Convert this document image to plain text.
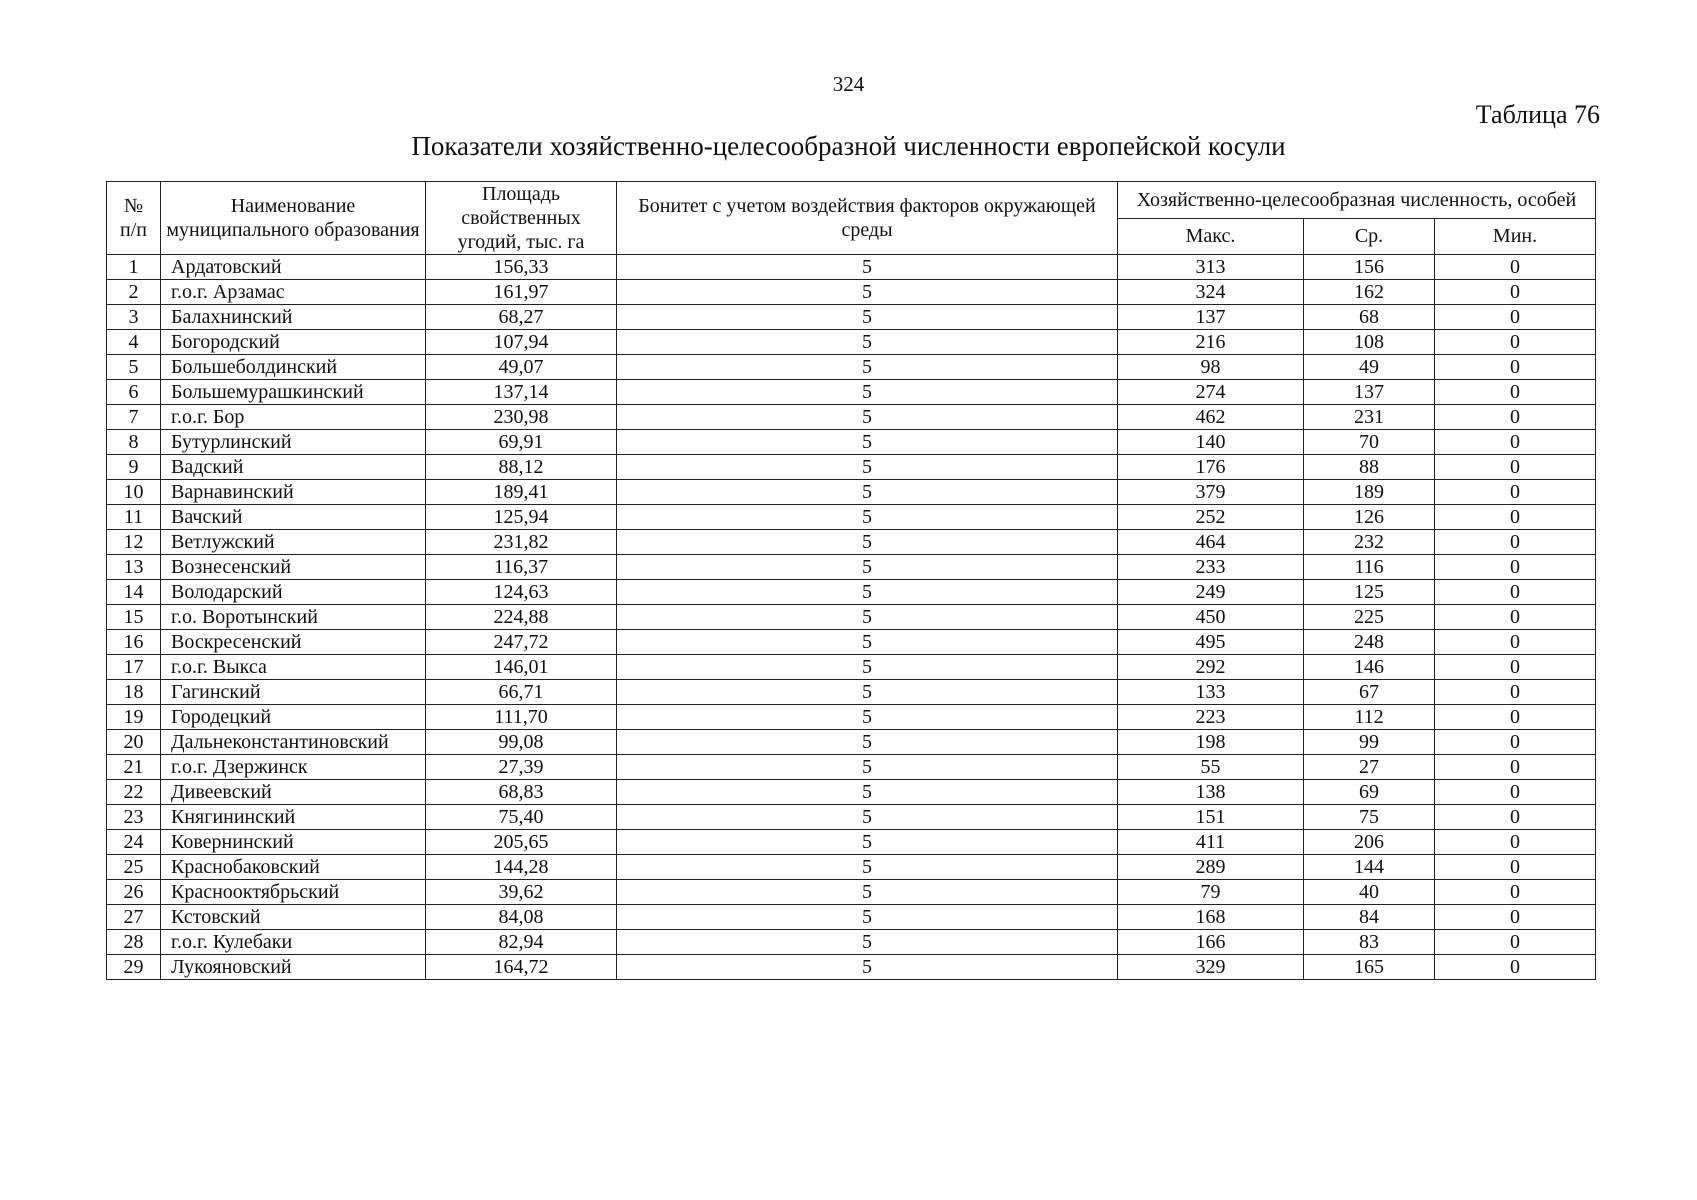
324
Таблица 76
Показатели хозяйственно-целесообразной численности европейской косули
№
п/п	Наименование муниципального образования	Площадь свойственных угодий, тыс. га	Бонитет с учетом воздействия факторов окружающей среды	Хозяйственно-целесообразная численность, особей		
				Макс.	Ср.	Мин.
1	Ардатовский	156,33	5	313	156	0
2	г.о.г. Арзамас	161,97	5	324	162	0
3	Балахнинский	68,27	5	137	68	0
4	Богородский	107,94	5	216	108	0
5	Большеболдинский	49,07	5	98	49	0
6	Большемурашкинский	137,14	5	274	137	0
7	г.о.г. Бор	230,98	5	462	231	0
8	Бутурлинский	69,91	5	140	70	0
9	Вадский	88,12	5	176	88	0
10	Варнавинский	189,41	5	379	189	0
11	Вачский	125,94	5	252	126	0
12	Ветлужский	231,82	5	464	232	0
13	Вознесенский	116,37	5	233	116	0
14	Володарский	124,63	5	249	125	0
15	г.о. Воротынский	224,88	5	450	225	0
16	Воскресенский	247,72	5	495	248	0
17	г.о.г. Выкса	146,01	5	292	146	0
18	Гагинский	66,71	5	133	67	0
19	Городецкий	111,70	5	223	112	0
20	Дальнеконстантиновский	99,08	5	198	99	0
21	г.о.г. Дзержинск	27,39	5	55	27	0
22	Дивеевский	68,83	5	138	69	0
23	Княгининский	75,40	5	151	75	0
24	Ковернинский	205,65	5	411	206	0
25	Краснобаковский	144,28	5	289	144	0
26	Краснооктябрьский	39,62	5	79	40	0
27	Кстовский	84,08	5	168	84	0
28	г.о.г. Кулебаки	82,94	5	166	83	0
29	Лукояновский	164,72	5	329	165	0
